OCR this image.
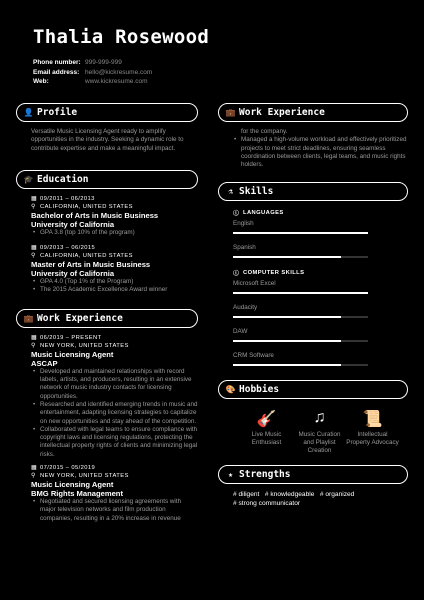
Thalia Rosewood
Phone number: 999-999-999
Email address: hello@kickresume.com
Web:	www.kickresume.com
👤 Profile
Versatile Music Licensing Agent ready to amplify opportunities in the industry. Seeking a dynamic role to contribute expertise and make a meaningful impact.
🎓 Education
▦ 09/2011 – 06/2013
⚲ CALIFORNIA, UNITED STATES
Bachelor of Arts in Music Business
University of California
• GPA 3.8 (top 10% of the program)
▦ 09/2013 – 06/2015
⚲ CALIFORNIA, UNITED STATES
Master of Arts in Music Business
University of California
• GPA 4.0 (Top 1% of the Program)
• The 2015 Academic Excellence Award winner
💼 Work Experience
▦ 06/2019 – PRESENT
⚲ NEW YORK, UNITED STATES
Music Licensing Agent
ASCAP
• Developed and maintained relationships with record labels, artists, and producers, resulting in an extensive network of music industry contacts for licensing opportunities.
• Researched and identified emerging trends in music and entertainment, adapting licensing strategies to capitalize on new opportunities and stay ahead of the competition.
• Collaborated with legal teams to ensure compliance with copyright laws and licensing regulations, protecting the intellectual property rights of clients and minimizing legal risks.
▦ 07/2015 – 05/2019
⚲ NEW YORK, UNITED STATES
Music Licensing Agent
BMG Rights Management
• Negotiated and secured licensing agreements with major television networks and film production companies, resulting in a 20% increase in revenue
💼 Work Experience
for the company.
• Managed a high-volume workload and effectively prioritized projects to meet strict deadlines, ensuring seamless coordination between clients, legal teams, and music rights holders.
⚗ Skills
ⓘ LANGUAGES
English
Spanish
ⓘ COMPUTER SKILLS
Microsoft Excel
Audacity
DAW
CRM Software
🎨 Hobbies
🎸
Live Music Enthusiast
♫
Music Curation and Playlist Creation
📜
Intellectual Property Advocacy
★ Strengths
# diligent   # knowledgeable   # organized
# strong communicator
